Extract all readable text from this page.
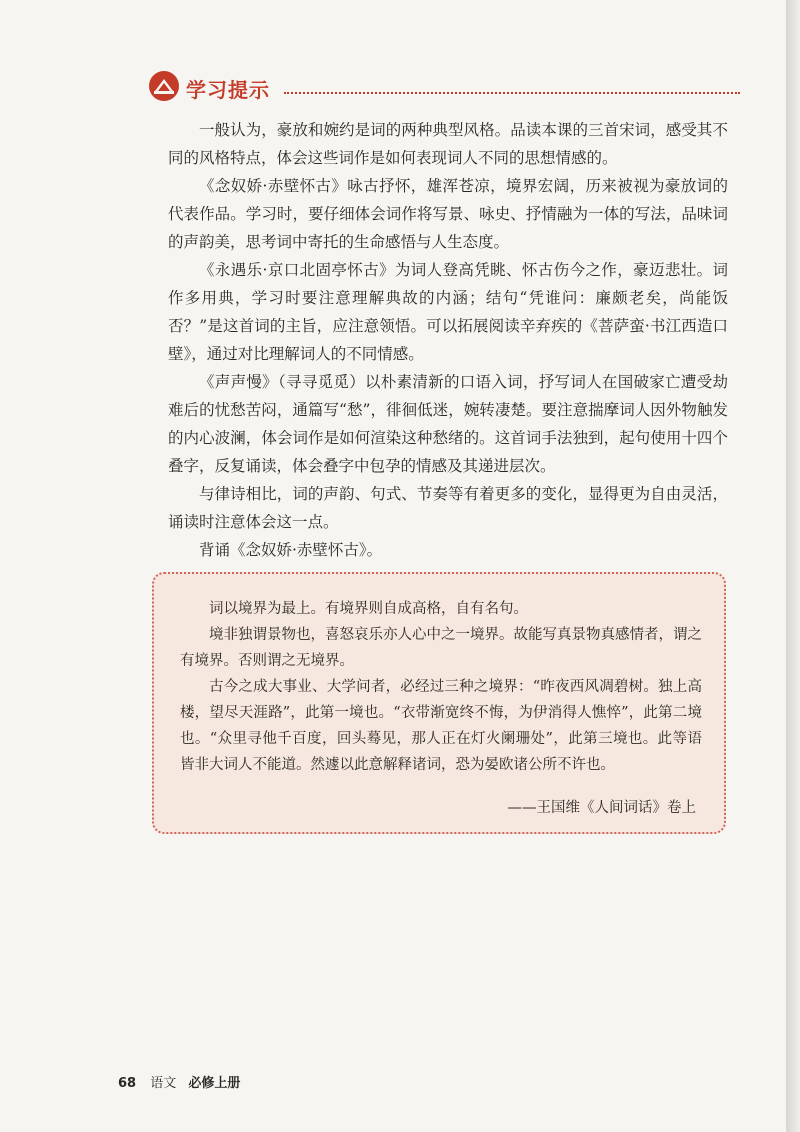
学习提示

一般认为，豪放和婉约是词的两种典型风格。品读本课的三首宋词，感受其不同的风格特点，体会这些词作是如何表现词人不同的思想情感的。

《念奴娇·赤壁怀古》咏古抒怀，雄浑苍凉，境界宏阔，历来被视为豪放词的代表作品。学习时，要仔细体会词作将写景、咏史、抒情融为一体的写法，品味词的声韵美，思考词中寄托的生命感悟与人生态度。

《永遇乐·京口北固亭怀古》为词人登高凭眺、怀古伤今之作，豪迈悲壮。词作多用典，学习时要注意理解典故的内涵；结句“凭谁问：廉颇老矣，尚能饭否？”是这首词的主旨，应注意领悟。可以拓展阅读辛弃疾的《菩萨蛮·书江西造口壁》，通过对比理解词人的不同情感。

《声声慢》（寻寻觅觅）以朴素清新的口语入词，抒写词人在国破家亡遭受劫难后的忧愁苦闷，通篇写“愁”，徘徊低迷，婉转凄楚。要注意揣摩词人因外物触发的内心波澜，体会词作是如何渲染这种愁绪的。这首词手法独到，起句使用十四个叠字，反复诵读，体会叠字中包孕的情感及其递进层次。

与律诗相比，词的声韵、句式、节奏等有着更多的变化，显得更为自由灵活，诵读时注意体会这一点。

背诵《念奴娇·赤壁怀古》。

词以境界为最上。有境界则自成高格，自有名句。

境非独谓景物也，喜怒哀乐亦人心中之一境界。故能写真景物真感情者，谓之有境界。否则谓之无境界。

古今之成大事业、大学问者，必经过三种之境界：“昨夜西风凋碧树。独上高楼，望尽天涯路”，此第一境也。“衣带渐宽终不悔，为伊消得人憔悴”，此第二境也。“众里寻他千百度，回头蓦见，那人正在灯火阑珊处”，此第三境也。此等语皆非大词人不能道。然遽以此意解释诸词，恐为晏欧诸公所不许也。

——王国维《人间词话》卷上
68 语文 必修上册
